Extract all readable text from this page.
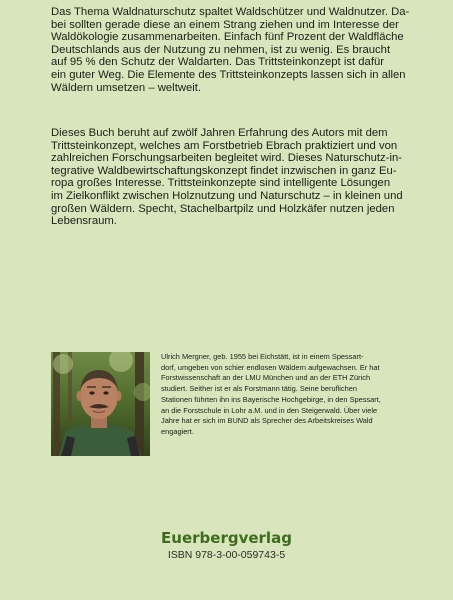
Das Thema Waldnaturschutz spaltet Waldschützer und Waldnutzer. Da-
bei sollten gerade diese an einem Strang ziehen und im Interesse der
Waldökologie zusammenarbeiten. Einfach fünf Prozent der Waldfläche
Deutschlands aus der Nutzung zu nehmen, ist zu wenig. Es braucht
auf 95 % den Schutz der Waldarten. Das Trittsteinkonzept ist dafür
ein guter Weg. Die Elemente des Trittsteinkonzepts lassen sich in allen
Wäldern umsetzen – weltweit.

Dieses Buch beruht auf zwölf Jahren Erfahrung des Autors mit dem
Trittsteinkonzept, welches am Forstbetrieb Ebrach praktiziert und von
zahlreichen Forschungsarbeiten begleitet wird. Dieses Naturschutz-in-
tegrative Waldbewirtschaftungskonzept findet inzwischen in ganz Eu-
ropa großes Interesse. Trittsteinkonzepte sind intelligente Lösungen
im Zielkonflikt zwischen Holznutzung und Naturschutz – in kleinen und
großen Wäldern. Specht, Stachelbartpilz und Holzkäfer nutzen jeden
Lebensraum.

Ulrich Mergner, geb. 1955 bei Eichstätt, ist in einem Spessart-
dorf, umgeben von schier endlosen Wäldern aufgewachsen. Er hat
Forstwissenschaft an der LMU München und an der ETH Zürich
studiert. Seither ist er als Forstmann tätig. Seine beruflichen
Stationen führten ihn ins Bayerische Hochgebirge, in den Spessart,
an die Forstschule in Lohr a.M. und in den Steigerwald. Über viele
Jahre hat er sich im BUND als Sprecher des Arbeitskreises Wald
engagiert.

Euerbergverlag

ISBN 978-3-00-059743-5
